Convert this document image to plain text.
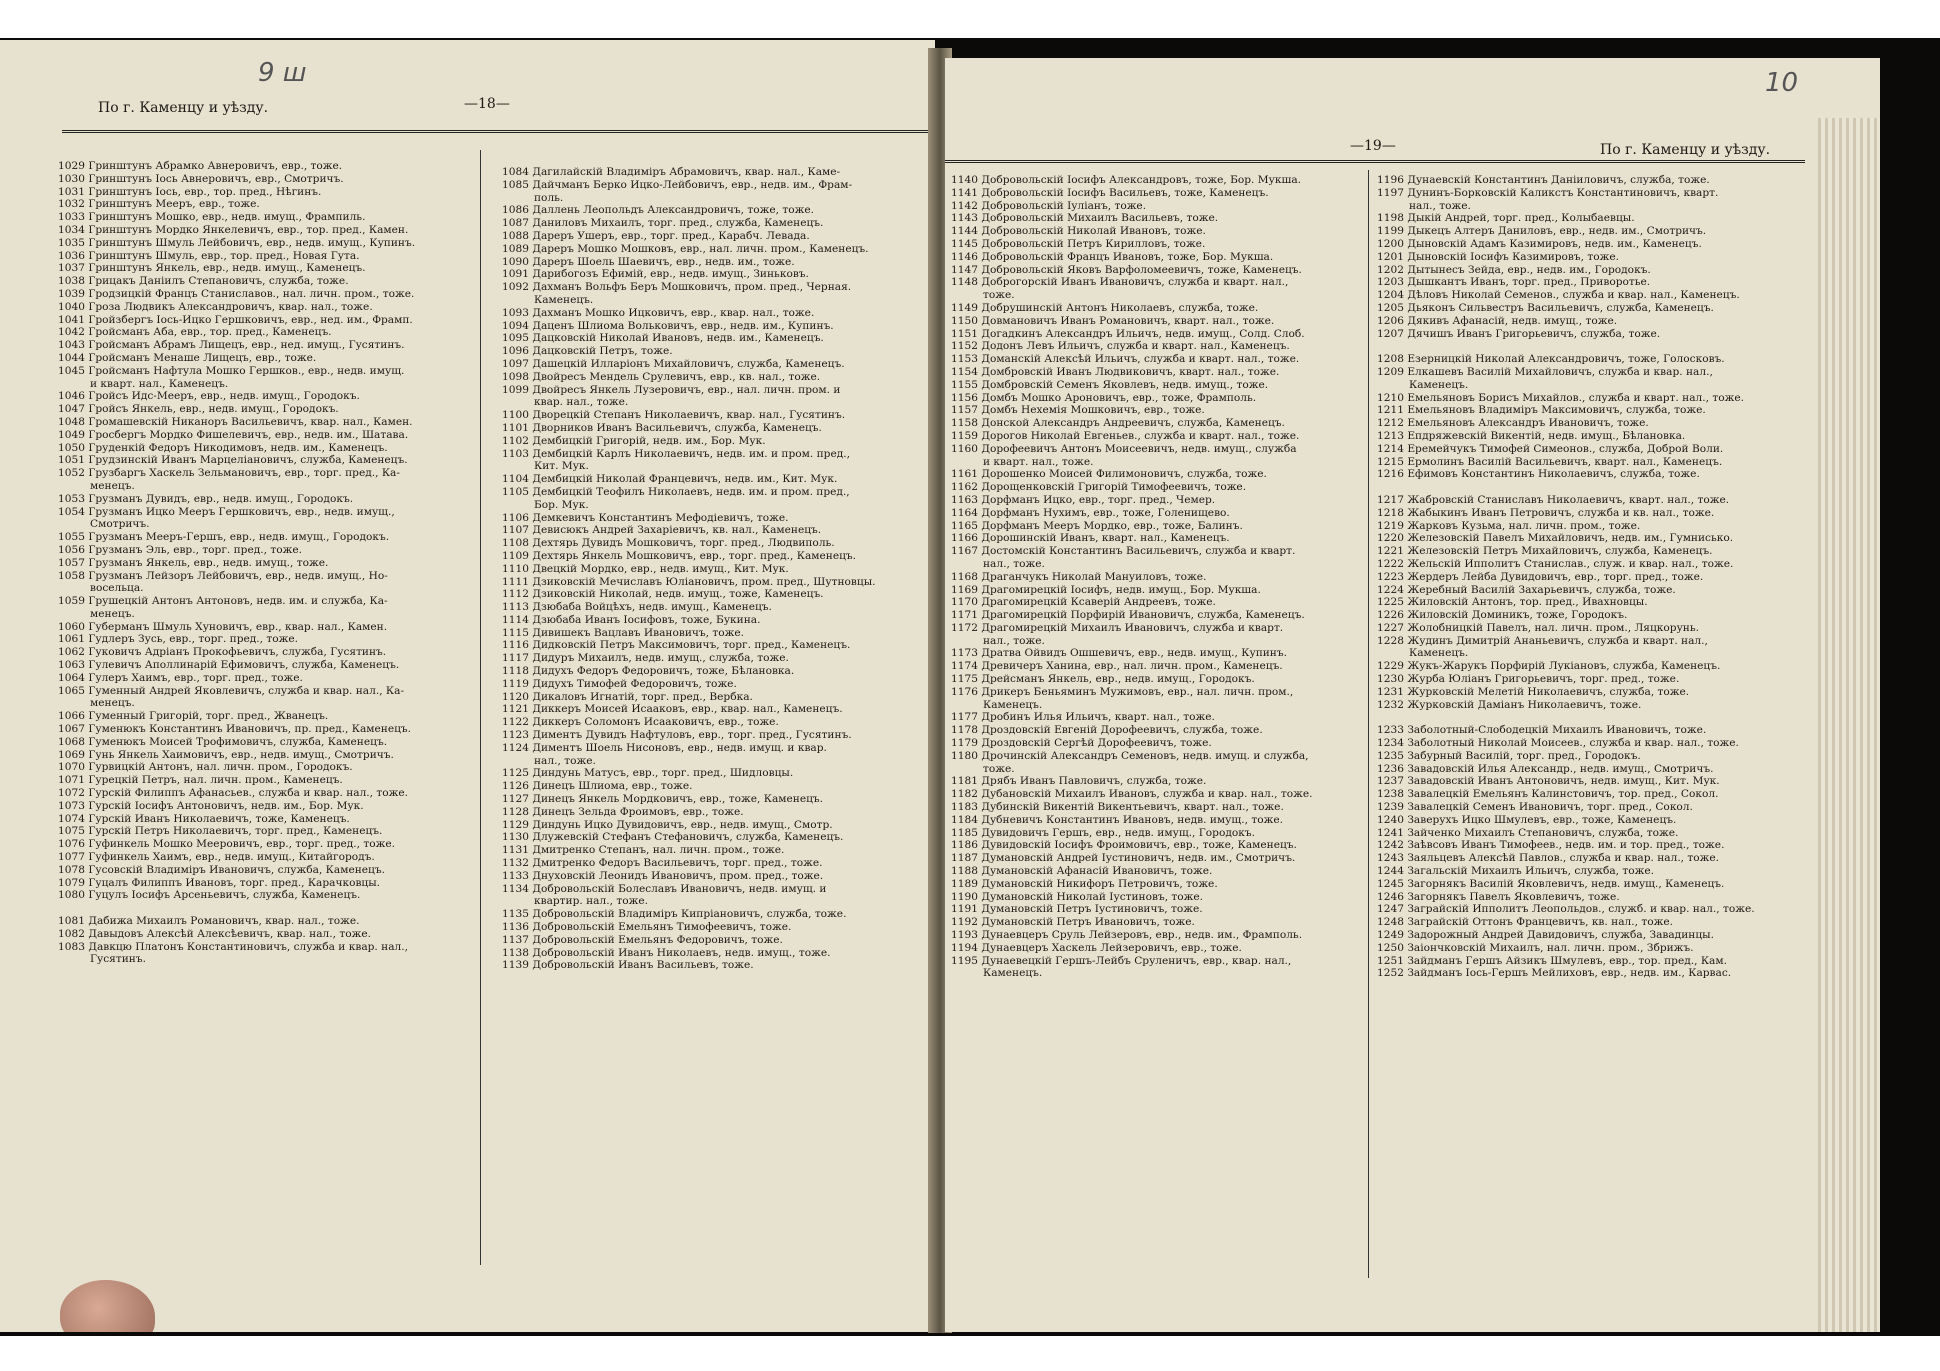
9 ш
По г. Каменцу и уѣзду.	—18—
1029 Гринштунъ Абрамко Авнеровичъ, евр., тоже.
1030 Гринштунъ Іось Авнеровичъ, евр., Смотричъ.
1031 Гринштунъ Іось, евр., тор. пред., Нѣгинъ.
1032 Гринштунъ Мееръ, евр., тоже.
1033 Гринштунъ Мошко, евр., недв. имущ., Фрампиль.
1034 Гринштунъ Мордко Янкелевичъ, евр., тор. пред., Камен.
1035 Гринштунъ Шмуль Лейбовичъ, евр., недв. имущ., Купинъ.
1036 Гринштунъ Шмуль, евр., тор. пред., Новая Гута.
1037 Гринштунъ Янкель, евр., недв. имущ., Каменецъ.
1038 Грицакъ Даніилъ Степановичъ, служба, тоже.
1039 Гродзицкій Францъ Станиславов., нал. личн. пром., тоже.
1040 Гроза Людвикъ Александровичъ, квар. нал., тоже.
1041 Гройзбергъ Іось-Ицко Гершковичъ, евр., нед. им., Фрамп.
1042 Гройсманъ Аба, евр., тор. пред., Каменецъ.
1043 Гройсманъ Абрамъ Лищецъ, евр., нед. имущ., Гусятинъ.
1044 Гройсманъ Менаше Лищецъ, евр., тоже.
1045 Гройсманъ Нафтула Мошко Гершков., евр., недв. имущ.
и кварт. нал., Каменецъ.
1046 Гройсъ Идс-Мееръ, евр., недв. имущ., Городокъ.
1047 Гройсъ Янкель, евр., недв. имущ., Городокъ.
1048 Громашевскій Никаноръ Васильевичъ, квар. нал., Камен.
1049 Гросбергъ Мордко Фишелевичъ, евр., недв. им., Шатава.
1050 Груденкій Федоръ Никодимовъ, недв. им., Каменецъ.
1051 Грудзинскій Иванъ Марцеліановичъ, служба, Каменецъ.
1052 Грузбаргъ Хаскель Зельмановичъ, евр., торг. пред., Ка-
менецъ.
1053 Грузманъ Дувидъ, евр., недв. имущ., Городокъ.
1054 Грузманъ Ицко Мееръ Гершковичъ, евр., недв. имущ.,
Смотричъ.
1055 Грузманъ Мееръ-Гершъ, евр., недв. имущ., Городокъ.
1056 Грузманъ Эль, евр., торг. пред., тоже.
1057 Грузманъ Янкель, евр., недв. имущ., тоже.
1058 Грузманъ Лейзоръ Лейбовичъ, евр., недв. имущ., Но-
восельца.
1059 Грушецкій Антонъ Антоновъ, недв. им. и служба, Ка-
менецъ.
1060 Губерманъ Шмуль Хуновичъ, евр., квар. нал., Камен.
1061 Гудлеръ Зусь, евр., торг. пред., тоже.
1062 Гуковичъ Адріанъ Прокофьевичъ, служба, Гусятинъ.
1063 Гулевичъ Аполлинарій Ефимовичъ, служба, Каменецъ.
1064 Гулеръ Хаимъ, евр., торг. пред., тоже.
1065 Гуменный Андрей Яковлевичъ, служба и квар. нал., Ка-
менецъ.
1066 Гуменный Григорій, торг. пред., Жванецъ.
1067 Гуменюкъ Константинъ Ивановичъ, пр. пред., Каменецъ.
1068 Гуменюкъ Моисей Трофимовичъ, служба, Каменецъ.
1069 Гунь Янкель Хаимовичъ, евр., недв. имущ., Смотричъ.
1070 Гурвицкій Антонъ, нал. личн. пром., Городокъ.
1071 Гурецкій Петръ, нал. личн. пром., Каменецъ.
1072 Гурскій Филиппъ Афанасьев., служба и квар. нал., тоже.
1073 Гурскій Іосифъ Антоновичъ, недв. им., Бор. Мук.
1074 Гурскій Иванъ Николаевичъ, тоже, Каменецъ.
1075 Гурскій Петръ Николаевичъ, торг. пред., Каменецъ.
1076 Гуфинкель Мошко Мееровичъ, евр., торг. пред., тоже.
1077 Гуфинкель Хаимъ, евр., недв. имущ., Китайгородъ.
1078 Гусовскій Владиміръ Ивановичъ, служба, Каменецъ.
1079 Гуцалъ Филиппъ Ивановъ, торг. пред., Карачковцы.
1080 Гуцулъ Іосифъ Арсеньевичъ, служба, Каменецъ.
1081 Дабижа Михаилъ Романовичъ, квар. нал., тоже.
1082 Давыдовъ Алексѣй Алексѣевичъ, квар. нал., тоже.
1083 Давкцю Платонъ Константиновичъ, служба и квар. нал.,
Гусятинъ.
1084 Дагилайскій Владиміръ Абрамовичъ, квар. нал., Каме-
1085 Дайчманъ Берко Ицко-Лейбовичъ, евр., недв. им., Фрам-
поль.
1086 Даллень Леопольдъ Александровичъ, тоже, тоже.
1087 Даниловъ Михаилъ, торг. пред., служба, Каменецъ.
1088 Дареръ Ушеръ, евр., торг. пред., Карабч. Левада.
1089 Дареръ Мошко Мошковъ, евр., нал. личн. пром., Каменецъ.
1090 Дареръ Шоель Шаевичъ, евр., недв. им., тоже.
1091 Дарибогозъ Ефимій, евр., недв. имущ., Зиньковъ.
1092 Дахманъ Вольфъ Беръ Мошковичъ, пром. пред., Черная.
Каменецъ.
1093 Дахманъ Мошко Ицковичъ, евр., квар. нал., тоже.
1094 Даценъ Шлиома Вольковичъ, евр., недв. им., Купинъ.
1095 Дацковскій Николай Ивановъ, недв. им., Каменецъ.
1096 Дацковскій Петръ, тоже.
1097 Дашецкій Илларіонъ Михайловичъ, служба, Каменецъ.
1098 Двойресъ Мендель Срулевичъ, евр., кв. нал., тоже.
1099 Двойресъ Янкель Лузеровичъ, евр., нал. личн. пром. и
квар. нал., тоже.
1100 Дворецкій Степанъ Николаевичъ, квар. нал., Гусятинъ.
1101 Дворников Иванъ Васильевичъ, служба, Каменецъ.
1102 Дембицкій Григорій, недв. им., Бор. Мук.
1103 Дембицкій Карлъ Николаевичъ, недв. им. и пром. пред.,
Кит. Мук.
1104 Дембицкій Николай Францевичъ, недв. им., Кит. Мук.
1105 Дембицкій Теофилъ Николаевъ, недв. им. и пром. пред.,
Бор. Мук.
1106 Демкевичъ Константинъ Мефодіевичъ, тоже.
1107 Девисюкъ Андрей Захаріевичъ, кв. нал., Каменецъ.
1108 Дехтярь Дувидъ Мошковичъ, торг. пред., Людвиполь.
1109 Дехтярь Янкель Мошковичъ, евр., торг. пред., Каменецъ.
1110 Двецкій Мордко, евр., недв. имущ., Кит. Мук.
1111 Дзиковскій Мечиславъ Юліановичъ, пром. пред., Шутновцы.
1112 Дзиковскій Николай, недв. имущ., тоже, Каменецъ.
1113 Дзюбаба Войцѣхъ, недв. имущ., Каменецъ.
1114 Дзюбаба Иванъ Іосифовъ, тоже, Букина.
1115 Дивишекъ Вацлавъ Ивановичъ, тоже.
1116 Дидковскій Петръ Максимовичъ, торг. пред., Каменецъ.
1117 Дидуръ Михаилъ, недв. имущ., служба, тоже.
1118 Дидухъ Федоръ Федоровичъ, тоже, Бѣлановка.
1119 Дидухъ Тимофей Федоровичъ, тоже.
1120 Дикаловъ Игнатій, торг. пред., Вербка.
1121 Диккеръ Моисей Исааковъ, евр., квар. нал., Каменецъ.
1122 Диккеръ Соломонъ Исааковичъ, евр., тоже.
1123 Диментъ Дувидъ Нафтуловъ, евр., торг. пред., Гусятинъ.
1124 Диментъ Шоель Нисоновъ, евр., недв. имущ. и квар.
нал., тоже.
1125 Диндунь Матусъ, евр., торг. пред., Шидловцы.
1126 Динецъ Шлиома, евр., тоже.
1127 Динецъ Янкель Мордковичъ, евр., тоже, Каменецъ.
1128 Динецъ Зельда Фроимовъ, евр., тоже.
1129 Диндунь Ицко Дувидовичъ, евр., недв. имущ., Смотр.
1130 Длужевскій Стефанъ Стефановичъ, служба, Каменецъ.
1131 Дмитренко Степанъ, нал. личн. пром., тоже.
1132 Дмитренко Федоръ Васильевичъ, торг. пред., тоже.
1133 Днуховскій Леонидъ Ивановичъ, пром. пред., тоже.
1134 Добровольскій Болеславъ Ивановичъ, недв. имущ. и
квартир. нал., тоже.
1135 Добровольскій Владиміръ Кипріановичъ, служба, тоже.
1136 Добровольскій Емельянъ Тимофеевичъ, тоже.
1137 Добровольскій Емельянъ Федоровичъ, тоже.
1138 Добровольскій Иванъ Николаевъ, недв. имущ., тоже.
1139 Добровольскій Иванъ Васильевъ, тоже.
10
—19—	По г. Каменцу и уѣзду.
1140 Добровольскій Іосифъ Александровъ, тоже, Бор. Мукша.
1141 Добровольскій Іосифъ Васильевъ, тоже, Каменецъ.
1142 Добровольскій Іуліанъ, тоже.
1143 Добровольскій Михаилъ Васильевъ, тоже.
1144 Добровольскій Николай Ивановъ, тоже.
1145 Добровольскій Петръ Кирилловъ, тоже.
1146 Добровольскій Францъ Ивановъ, тоже, Бор. Мукша.
1147 Добровольскій Яковъ Варфоломеевичъ, тоже, Каменецъ.
1148 Доброгорскій Иванъ Ивановичъ, служба и кварт. нал.,
тоже.
1149 Добрушинскій Антонъ Николаевъ, служба, тоже.
1150 Довмановичъ Иванъ Романовичъ, кварт. нал., тоже.
1151 Догадкинъ Александръ Ильичъ, недв. имущ., Солд. Слоб.
1152 Додонъ Левъ Ильичъ, служба и кварт. нал., Каменецъ.
1153 Доманскій Алексѣй Ильичъ, служба и кварт. нал., тоже.
1154 Домбровскій Иванъ Людвиковичъ, кварт. нал., тоже.
1155 Домбровскій Семенъ Яковлевъ, недв. имущ., тоже.
1156 Домбъ Мошко Ароновичъ, евр., тоже, Фрамполь.
1157 Домбъ Нехемія Мошковичъ, евр., тоже.
1158 Донской Александръ Андреевичъ, служба, Каменецъ.
1159 Дорогов Николай Евгеньев., служба и кварт. нал., тоже.
1160 Дорофеевичъ Антонъ Моисеевичъ, недв. имущ., служба
и кварт. нал., тоже.
1161 Дорошенко Моисей Филимоновичъ, служба, тоже.
1162 Дорощенковскій Григорій Тимофеевичъ, тоже.
1163 Дорфманъ Ицко, евр., торг. пред., Чемер.
1164 Дорфманъ Нухимъ, евр., тоже, Голенищево.
1165 Дорфманъ Мееръ Мордко, евр., тоже, Балинъ.
1166 Дорошинскій Иванъ, кварт. нал., Каменецъ.
1167 Достомскій Константинъ Васильевичъ, служба и кварт.
нал., тоже.
1168 Драганчукъ Николай Мануиловъ, тоже.
1169 Драгомирецкій Іосифъ, недв. имущ., Бор. Мукша.
1170 Драгомирецкій Ксаверій Андреевъ, тоже.
1171 Драгомирецкій Порфирій Ивановичъ, служба, Каменецъ.
1172 Драгомирецкій Михаилъ Ивановичъ, служба и кварт.
нал., тоже.
1173 Дратва Ойвидъ Ошшевичъ, евр., недв. имущ., Купинъ.
1174 Древичеръ Ханина, евр., нал. личн. пром., Каменецъ.
1175 Дрейсманъ Янкель, евр., недв. имущ., Городокъ.
1176 Дрикеръ Беньяминъ Мужимовъ, евр., нал. личн. пром.,
Каменецъ.
1177 Дробинъ Илья Ильичъ, кварт. нал., тоже.
1178 Дроздовскій Евгеній Дорофеевичъ, служба, тоже.
1179 Дроздовскій Сергѣй Дорофеевичъ, тоже.
1180 Дрочинскій Александръ Семеновъ, недв. имущ. и служба,
тоже.
1181 Дрябъ Иванъ Павловичъ, служба, тоже.
1182 Дубановскій Михаилъ Ивановъ, служба и квар. нал., тоже.
1183 Дубинскій Викентій Викентьевичъ, кварт. нал., тоже.
1184 Дубневичъ Константинъ Ивановъ, недв. имущ., тоже.
1185 Дувидовичъ Гершъ, евр., недв. имущ., Городокъ.
1186 Дувидовскій Іосифъ Фроимовичъ, евр., тоже, Каменецъ.
1187 Думановскій Андрей Іустиновичъ, недв. им., Смотричъ.
1188 Думановскій Афанасій Ивановичъ, тоже.
1189 Думановскій Никифоръ Петровичъ, тоже.
1190 Думановскій Николай Іустиновъ, тоже.
1191 Думановскій Петръ Іустиновичъ, тоже.
1192 Думановскій Петръ Ивановичъ, тоже.
1193 Дунаевцеръ Сруль Лейзеровъ, евр., недв. им., Фрамполь.
1194 Дунаевцеръ Хаскель Лейзеровичъ, евр., тоже.
1195 Дунаевецкій Гершъ-Лейбъ Сруленичъ, евр., квар. нал.,
Каменецъ.
1196 Дунаевскій Константинъ Даніиловичъ, служба, тоже.
1197 Дунинъ-Борковскій Каликстъ Константиновичъ, кварт.
нал., тоже.
1198 Дыкій Андрей, торг. пред., Колыбаевцы.
1199 Дыкецъ Алтеръ Даниловъ, евр., недв. им., Смотричъ.
1200 Дыновскій Адамъ Казимировъ, недв. им., Каменецъ.
1201 Дыновскій Іосифъ Казимировъ, тоже.
1202 Дытынесъ Зейда, евр., недв. им., Городокъ.
1203 Дышкантъ Иванъ, торг. пред., Приворотье.
1204 Дѣловъ Николай Семенов., служба и квар. нал., Каменецъ.
1205 Дьяконъ Сильвестръ Васильевичъ, служба, Каменецъ.
1206 Дякивъ Афанасій, недв. имущ., тоже.
1207 Дячишъ Иванъ Григорьевичъ, служба, тоже.
1208 Езерницкій Николай Александровичъ, тоже, Голосковъ.
1209 Елкашевъ Василій Михайловичъ, служба и квар. нал.,
Каменецъ.
1210 Емельяновъ Борисъ Михайлов., служба и кварт. нал., тоже.
1211 Емельяновъ Владиміръ Максимовичъ, служба, тоже.
1212 Емельяновъ Александръ Ивановичъ, тоже.
1213 Епдряжевскій Викентій, недв. имущ., Бѣлановка.
1214 Еремейчукъ Тимофей Симеонов., служба, Доброй Воли.
1215 Ермолинъ Василій Васильевичъ, кварт. нал., Каменецъ.
1216 Ефимовъ Константинъ Николаевичъ, служба, тоже.
1217 Жабровскій Станиславъ Николаевичъ, кварт. нал., тоже.
1218 Жабыкинъ Иванъ Петровичъ, служба и кв. нал., тоже.
1219 Жарковъ Кузьма, нал. личн. пром., тоже.
1220 Железовскій Павелъ Михайловичъ, недв. им., Гумнисько.
1221 Железовскій Петръ Михайловичъ, служба, Каменецъ.
1222 Жельскій Ипполитъ Станислав., служ. и квар. нал., тоже.
1223 Жердеръ Лейба Дувидовичъ, евр., торг. пред., тоже.
1224 Жеребный Василій Захарьевичъ, служба, тоже.
1225 Жиловскій Антонъ, тор. пред., Ивахновцы.
1226 Жиловскій Доминикъ, тоже, Городокъ.
1227 Жолобницкій Павелъ, нал. личн. пром., Ляцкорунь.
1228 Жудинъ Димитрій Ананьевичъ, служба и кварт. нал.,
Каменецъ.
1229 Жукъ-Жарукъ Порфирій Лукіановъ, служба, Каменецъ.
1230 Журба Юліанъ Григорьевичъ, торг. пред., тоже.
1231 Журковскій Мелетій Николаевичъ, служба, тоже.
1232 Журковскій Даміанъ Николаевичъ, тоже.
1233 Заболотный-Слободецкій Михаилъ Ивановичъ, тоже.
1234 Заболотный Николай Моисеев., служба и квар. нал., тоже.
1235 Забурный Василій, торг. пред., Городокъ.
1236 Завадовскій Илья Александр., недв. имущ., Смотричъ.
1237 Завадовскій Иванъ Антоновичъ, недв. имущ., Кит. Мук.
1238 Завалецкій Емельянъ Калинстовичъ, тор. пред., Сокол.
1239 Завалецкій Семенъ Ивановичъ, торг. пред., Сокол.
1240 Заверухъ Ицко Шмулевъ, евр., тоже, Каменецъ.
1241 Зайченко Михаилъ Степановичъ, служба, тоже.
1242 Заѣвсовъ Иванъ Тимофеев., недв. им. и тор. пред., тоже.
1243 Заяльцевъ Алексѣй Павлов., служба и квар. нал., тоже.
1244 Загальскій Михаилъ Ильичъ, служба, тоже.
1245 Загорнякъ Василій Яковлевичъ, недв. имущ., Каменецъ.
1246 Загорнякъ Павелъ Яковлевичъ, тоже.
1247 Заграйскій Ипполитъ Леопольдов., служб. и квар. нал., тоже.
1248 Заграйскій Оттонъ Францевичъ, кв. нал., тоже.
1249 Задорожный Андрей Давидовичъ, служба, Завадинцы.
1250 Заіончковскій Михаилъ, нал. личн. пром., Збрижъ.
1251 Зайдманъ Гершъ Айзикъ Шмулевъ, евр., тор. пред., Кам.
1252 Зайдманъ Іось-Гершъ Мейлиховъ, евр., недв. им., Карвас.
